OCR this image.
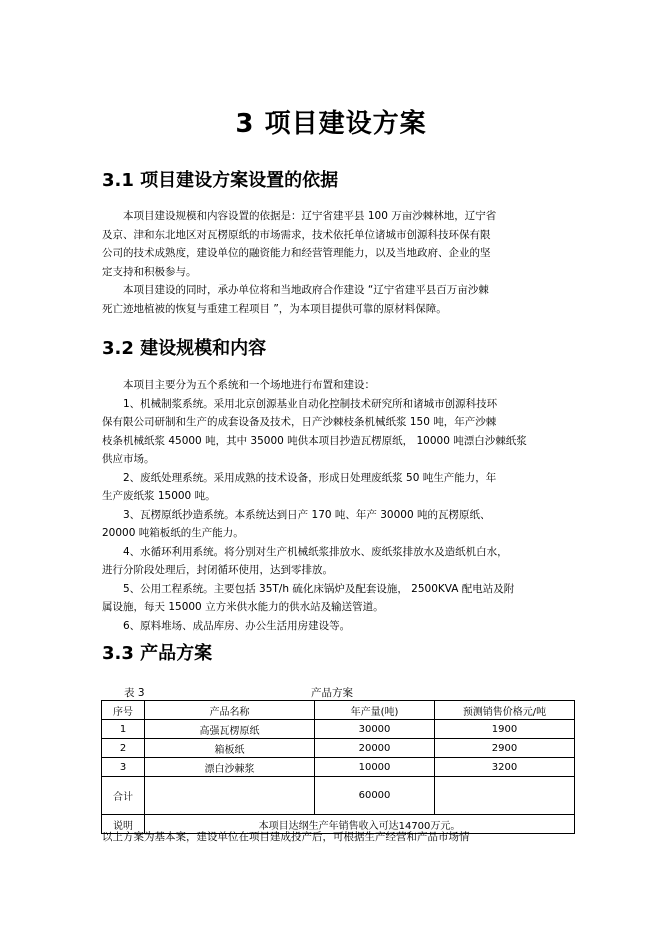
3 项目建设方案
3.1 项目建设方案设置的依据
本项目建设规模和内容设置的依据是：辽宁省建平县 100 万亩沙棘林地，辽宁省
及京、津和东北地区对瓦楞原纸的市场需求，技术依托单位诸城市创源科技环保有限
公司的技术成熟度，建设单位的融资能力和经营管理能力，以及当地政府、企业的坚
定支持和积极参与。
本项目建设的同时，承办单位将和当地政府合作建设 “辽宁省建平县百万亩沙棘
死亡迹地植被的恢复与重建工程项目 ”，为本项目提供可靠的原材料保障。
3.2 建设规模和内容
本项目主要分为五个系统和一个场地进行布置和建设：
1、机械制浆系统。采用北京创源基业自动化控制技术研究所和诸城市创源科技环
保有限公司研制和生产的成套设备及技术，日产沙棘枝条机械纸浆 150 吨，年产沙棘
枝条机械纸浆 45000 吨，其中 35000 吨供本项目抄造瓦楞原纸， 10000 吨漂白沙棘纸浆
供应市场。
2、废纸处理系统。采用成熟的技术设备，形成日处理废纸浆 50 吨生产能力，年
生产废纸浆 15000 吨。
3、瓦楞原纸抄造系统。本系统达到日产 170 吨、年产 30000 吨的瓦楞原纸、
20000 吨箱板纸的生产能力。
4、水循环利用系统。将分别对生产机械纸浆排放水、废纸浆排放水及造纸机白水，
进行分阶段处理后，封闭循环使用，达到零排放。
5、公用工程系统。主要包括 35T/h 硫化床锅炉及配套设施， 2500KVA 配电站及附
属设施，每天 15000 立方米供水能力的供水站及输送管道。
6、原料堆场、成品库房、办公生活用房建设等。
3.3 产品方案
表 3	产品方案
序号	产品名称	年产量(吨)	预测销售价格元/吨
1	高强瓦楞原纸	30000	1900
2	箱板纸	20000	2900
3	漂白沙棘浆	10000	3200
合计		60000	
说明	本项目达纲生产年销售收入可达14700万元。		
以上方案为基本案，建设单位在项目建成投产后，可根据生产经营和产品市场情
